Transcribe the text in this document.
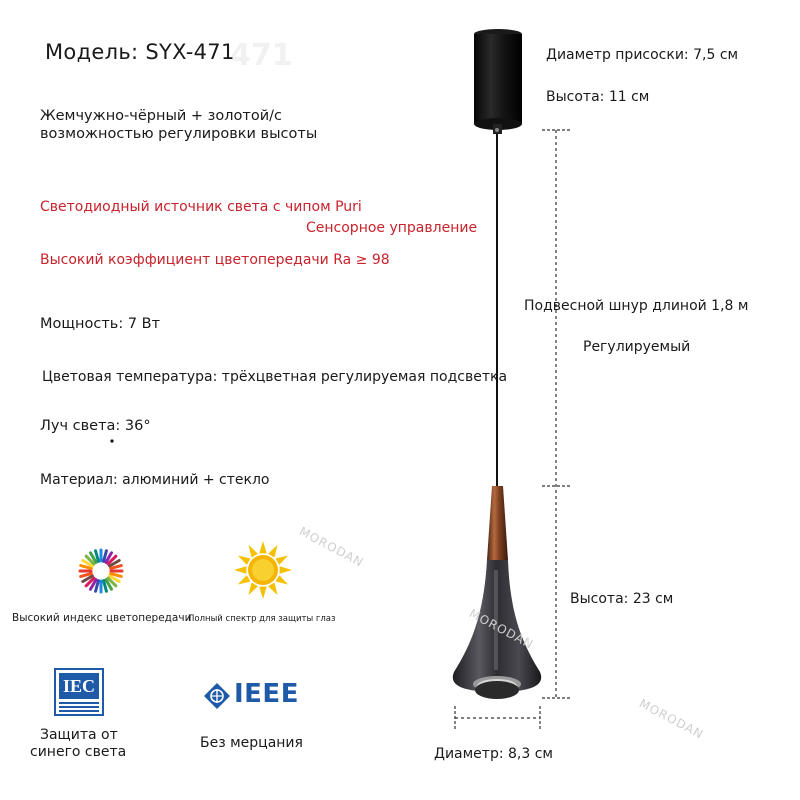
471
Модель: SYX-471
Жемчужно-чёрный + золотой/с
возможностью регулировки высоты
Светодиодный источник света с чипом Puri
Сенсорное управление
Высокий коэффициент цветопередачи Ra ≥ 98
Мощность: 7 Вт
Цветовая температура: трёхцветная регулируемая подсветка
Луч света: 36°
Материал: алюминий + стекло
Высокий индекс цветопередачи
Полный спектр для защиты глаз
IEC
Защита от
синего света
IEEE
Без мерцания
Диаметр присоски: 7,5 см
Высота: 11 см
Подвесной шнур длиной 1,8 м
Регулируемый
Высота: 23 см
Диаметр: 8,3 см
MORODAN
MORODAN
MORODAN
